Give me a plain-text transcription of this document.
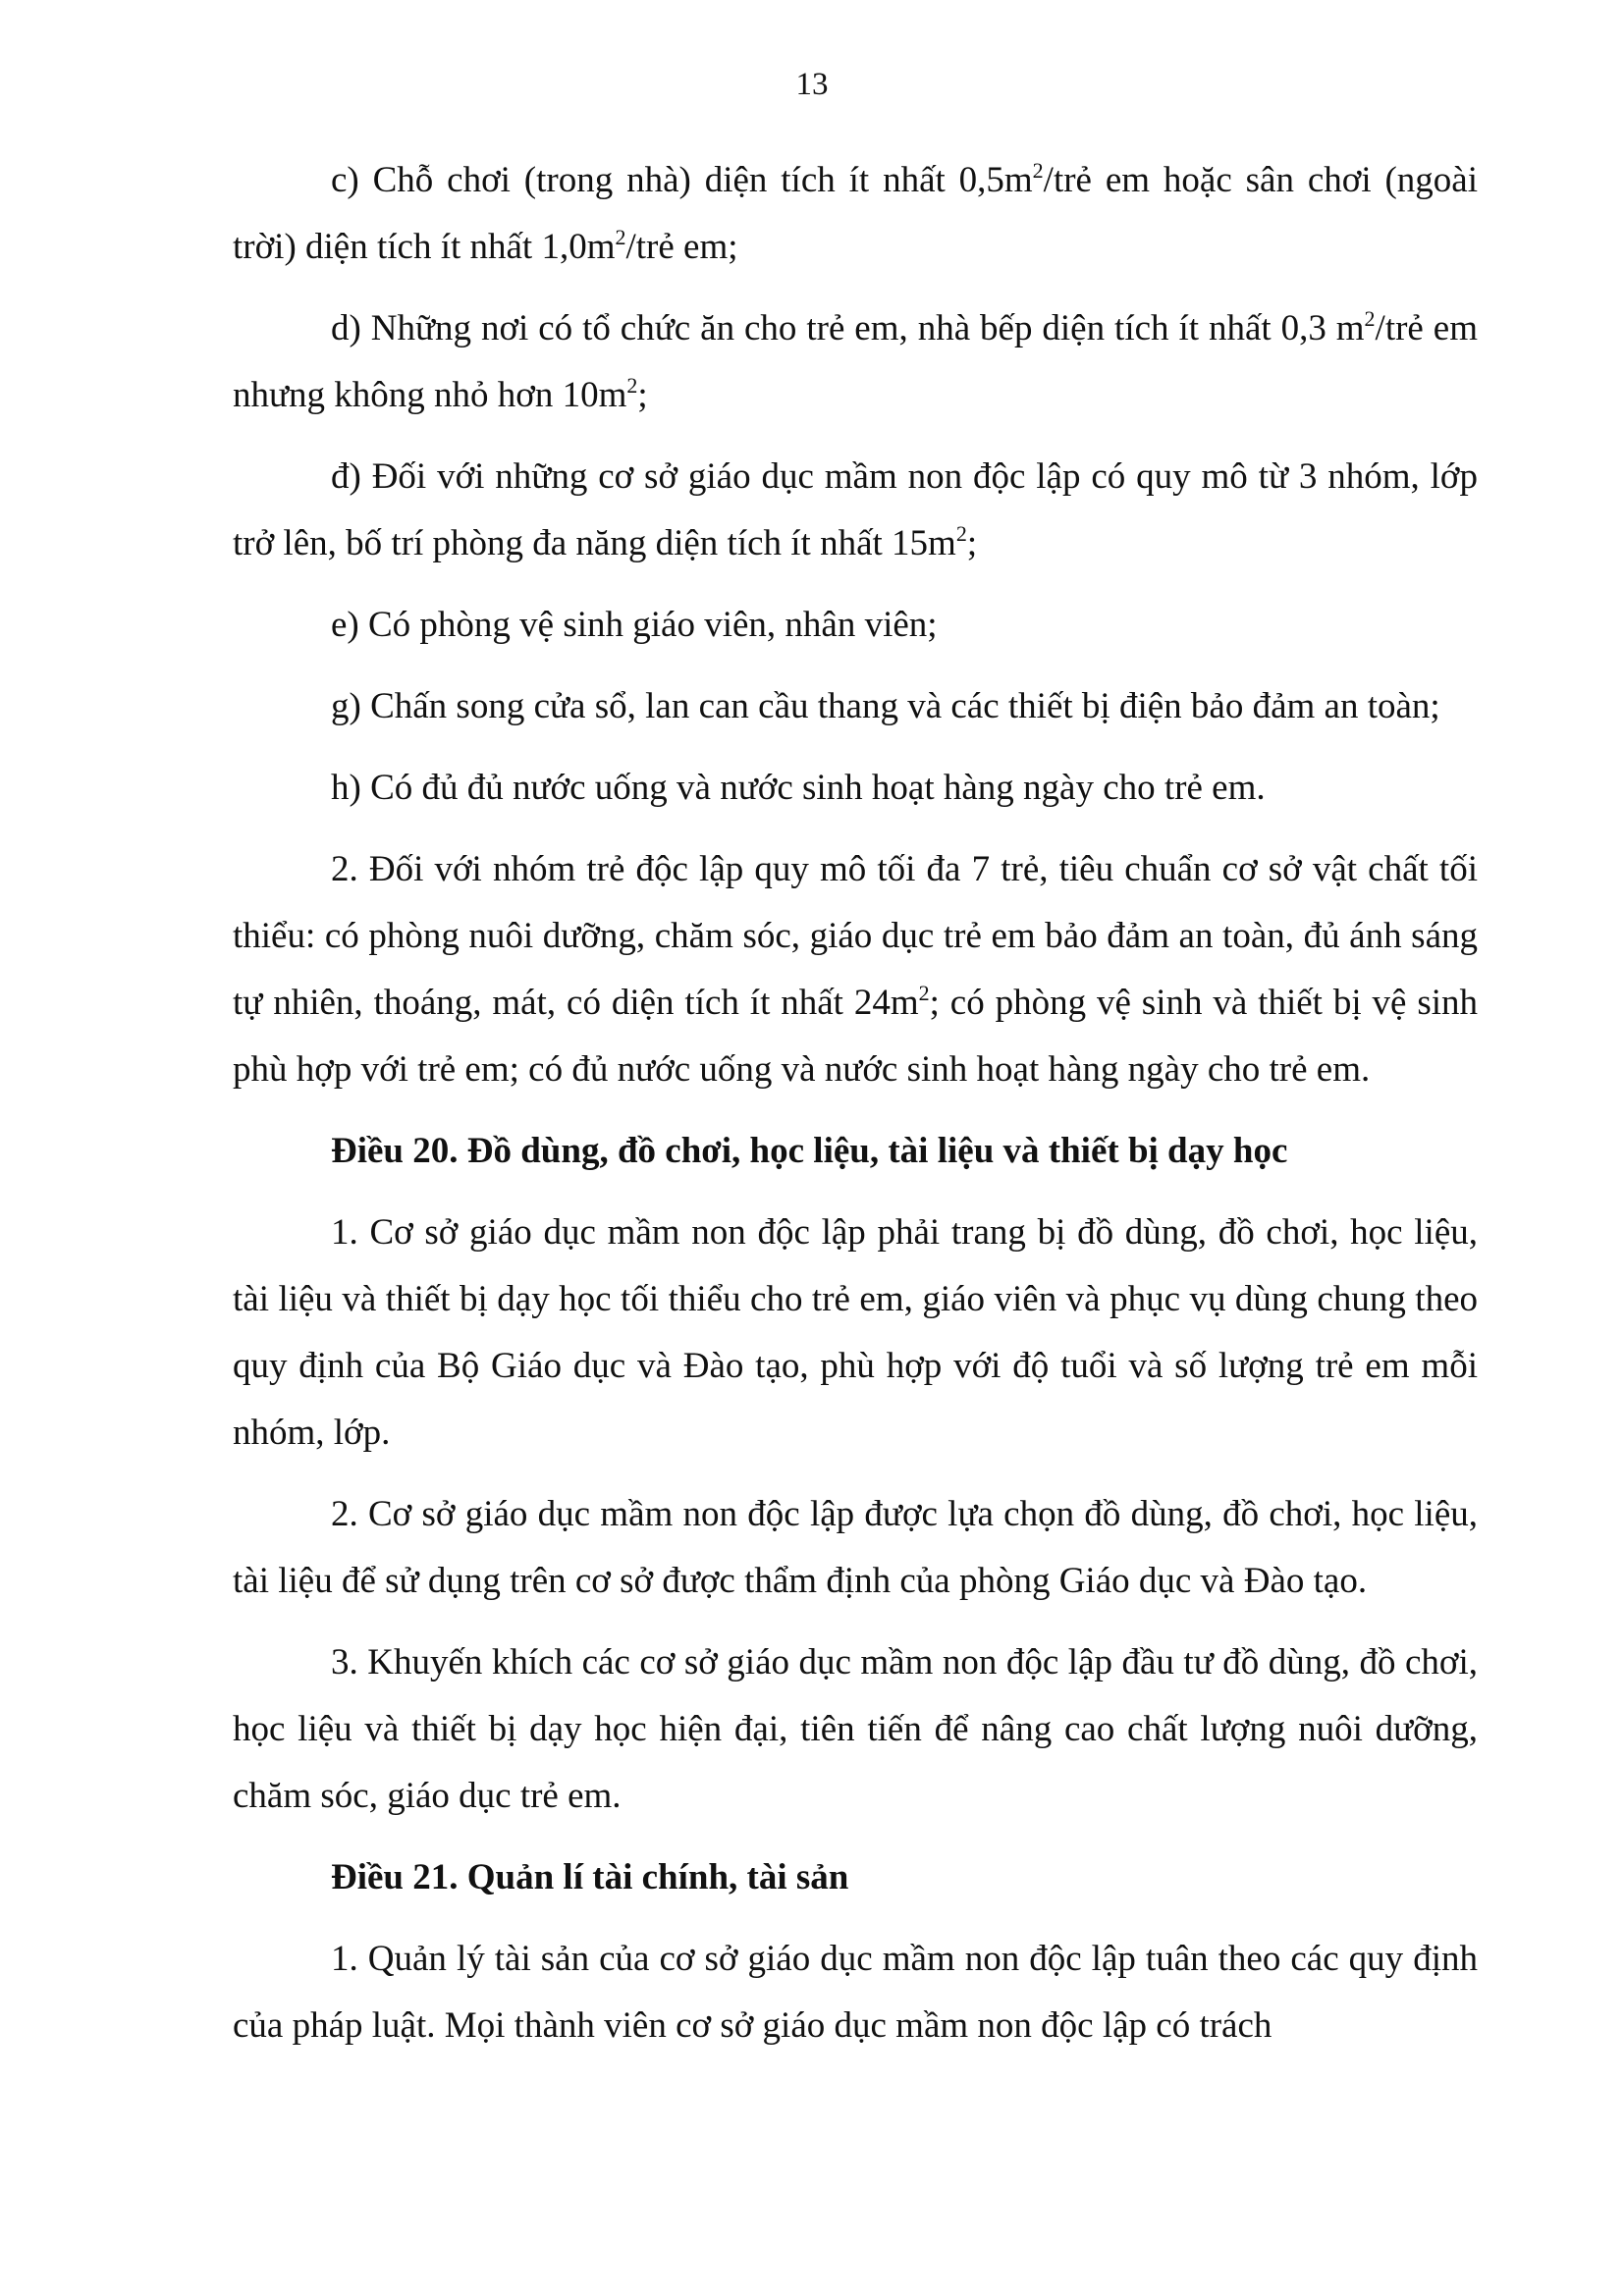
13

c) Chỗ chơi (trong nhà) diện tích ít nhất $0,5m^2$/trẻ em hoặc sân chơi (ngoài trời) diện tích ít nhất $1,0m^2$/trẻ em;

d) Những nơi có tổ chức ăn cho trẻ em, nhà bếp diện tích ít nhất 0,3 $m^2$/trẻ em nhưng không nhỏ hơn $10m^2$;

đ) Đối với những cơ sở giáo dục mầm non độc lập có quy mô từ 3 nhóm, lớp trở lên, bố trí phòng đa năng diện tích ít nhất $15m^2$;

e) Có phòng vệ sinh giáo viên, nhân viên;

g) Chấn song cửa sổ, lan can cầu thang và các thiết bị điện bảo đảm an toàn;

h) Có đủ đủ nước uống và nước sinh hoạt hàng ngày cho trẻ em.

2. Đối với nhóm trẻ độc lập quy mô tối đa 7 trẻ, tiêu chuẩn cơ sở vật chất tối thiểu: có phòng nuôi dưỡng, chăm sóc, giáo dục trẻ em bảo đảm an toàn, đủ ánh sáng tự nhiên, thoáng, mát, có diện tích ít nhất $24m^2$; có phòng vệ sinh và thiết bị vệ sinh phù hợp với trẻ em; có đủ nước uống và nước sinh hoạt hàng ngày cho trẻ em.

Điều 20. Đồ dùng, đồ chơi, học liệu, tài liệu và thiết bị dạy học

1. Cơ sở giáo dục mầm non độc lập phải trang bị đồ dùng, đồ chơi, học liệu, tài liệu và thiết bị dạy học tối thiểu cho trẻ em, giáo viên và phục vụ dùng chung theo quy định của Bộ Giáo dục và Đào tạo, phù hợp với độ tuổi và số lượng trẻ em mỗi nhóm, lớp.

2. Cơ sở giáo dục mầm non độc lập được lựa chọn đồ dùng, đồ chơi, học liệu, tài liệu để sử dụng trên cơ sở được thẩm định của phòng Giáo dục và Đào tạo.

3. Khuyến khích các cơ sở giáo dục mầm non độc lập đầu tư đồ dùng, đồ chơi, học liệu và thiết bị dạy học hiện đại, tiên tiến để nâng cao chất lượng nuôi dưỡng, chăm sóc, giáo dục trẻ em.

Điều 21. Quản lí tài chính, tài sản

1. Quản lý tài sản của cơ sở giáo dục mầm non độc lập tuân theo các quy định của pháp luật. Mọi thành viên cơ sở giáo dục mầm non độc lập có trách
